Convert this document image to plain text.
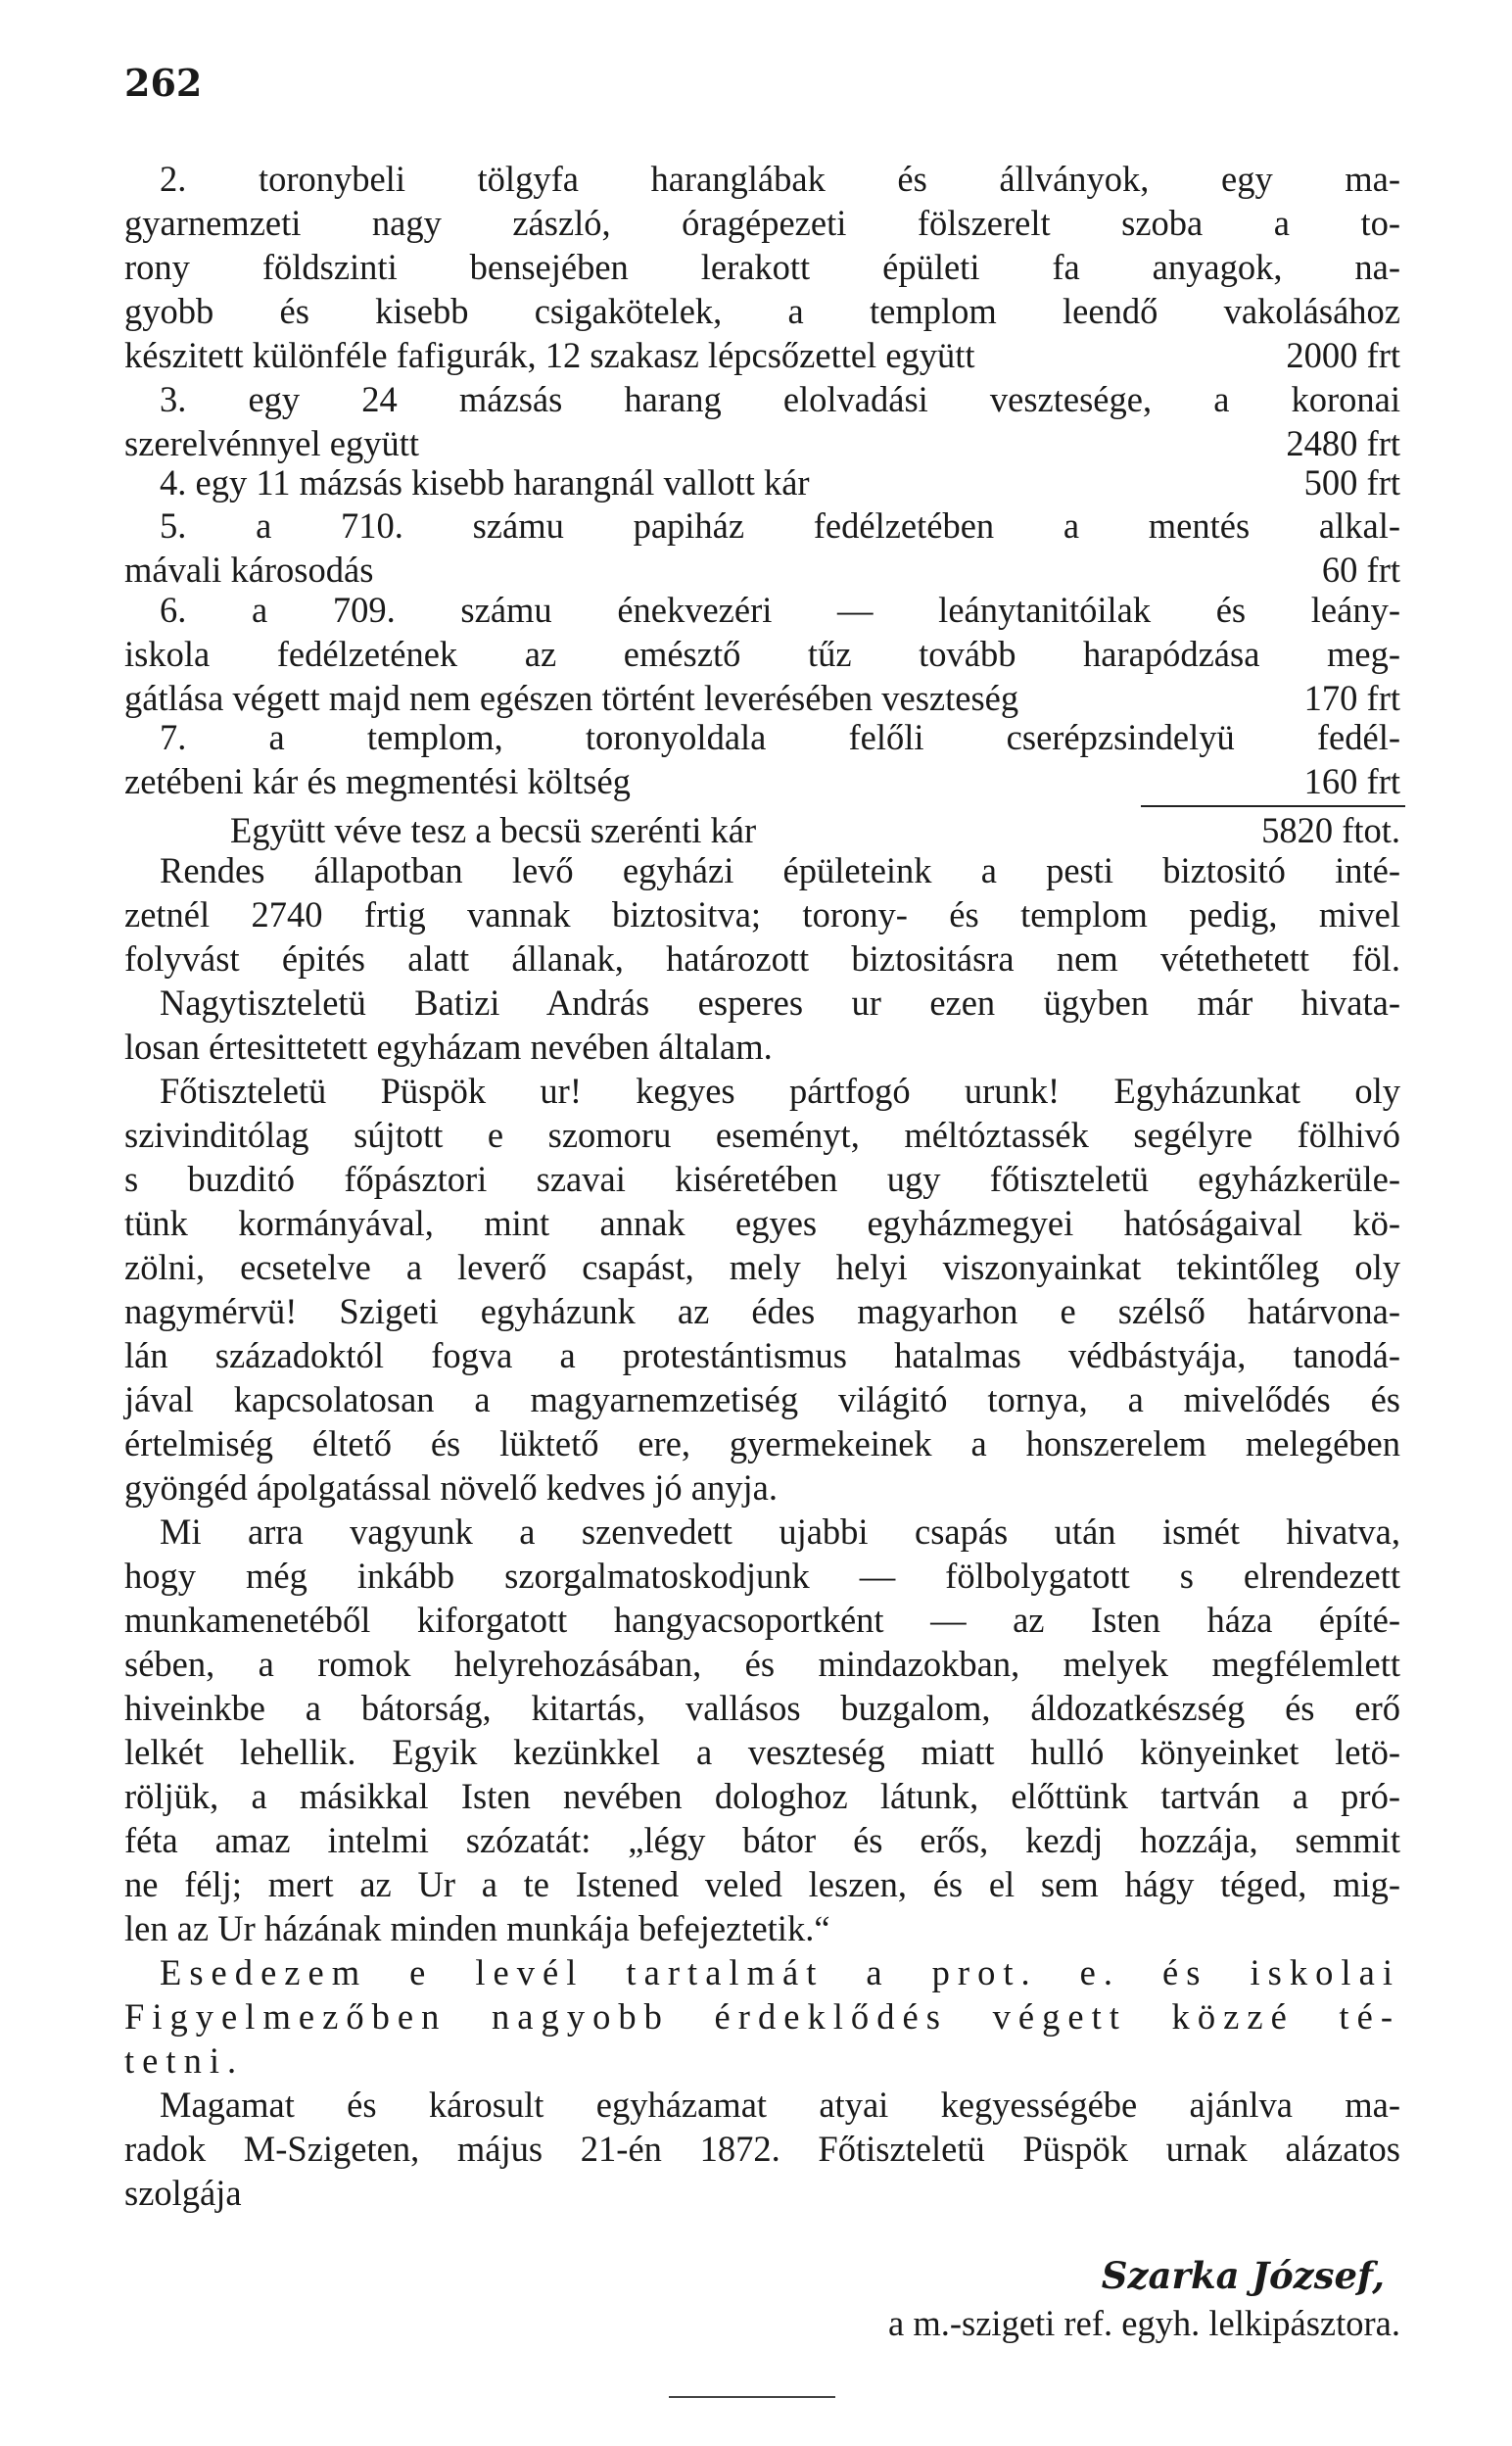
262
2. toronybeli tölgyfa haranglábak és állványok, egy ma-
gyarnemzeti nagy zászló, óragépezeti fölszerelt szoba a to-
rony földszinti bensejében lerakott épületi fa anyagok, na-
gyobb és kisebb csigakötelek, a templom leendő vakolásához
készitett különféle fafigurák, 12 szakasz lépcsőzettel együtt	2000 frt
3. egy 24 mázsás harang elolvadási vesztesége, a koronai
szerelvénnyel együtt	2480 frt
4. egy 11 mázsás kisebb harangnál vallott kár	500 frt
5. a 710. számu papiház fedélzetében a mentés alkal-
mávali károsodás	60 frt
6. a 709. számu énekvezéri — leánytanitóilak és leány-
iskola fedélzetének az emésztő tűz tovább harapódzása meg-
gátlása végett majd nem egészen történt leverésében veszteség	170 frt
7. a templom, toronyoldala felőli cserépzsindelyü fedél-
zetébeni kár és megmentési költség	160 frt
Együtt véve tesz a becsü szerénti kár	5820 ftot.
Rendes állapotban levő egyházi épületeink a pesti biztositó inté-
zetnél 2740 frtig vannak biztositva; torony- és templom pedig, mivel
folyvást épités alatt állanak, határozott biztositásra nem vétethetett föl.
Nagytiszteletü Batizi András esperes ur ezen ügyben már hivata-
losan értesittetett egyházam nevében általam.
Főtiszteletü Püspök ur! kegyes pártfogó urunk! Egyházunkat oly
szivinditólag sújtott e szomoru eseményt, méltóztassék segélyre fölhivó
s buzditó főpásztori szavai kiséretében ugy főtiszteletü egyházkerüle-
tünk kormányával, mint annak egyes egyházmegyei hatóságaival kö-
zölni, ecsetelve a leverő csapást, mely helyi viszonyainkat tekintőleg oly
nagymérvü! Szigeti egyházunk az édes magyarhon e szélső határvona-
lán századoktól fogva a protestántismus hatalmas védbástyája, tanodá-
jával kapcsolatosan a magyarnemzetiség világitó tornya, a mivelődés és
értelmiség éltető és lüktető ere, gyermekeinek a honszerelem melegében
gyöngéd ápolgatással növelő kedves jó anyja.
Mi arra vagyunk a szenvedett ujabbi csapás után ismét hivatva,
hogy még inkább szorgalmatoskodjunk — fölbolygatott s elrendezett
munkamenetéből kiforgatott hangyacsoportként — az Isten háza építé-
sében, a romok helyrehozásában, és mindazokban, melyek megfélemlett
hiveinkbe a bátorság, kitartás, vallásos buzgalom, áldozatkészség és erő
lelkét lehellik. Egyik kezünkkel a veszteség miatt hulló könyeinket letö-
röljük, a másikkal Isten nevében dologhoz látunk, előttünk tartván a pró-
féta amaz intelmi szózatát: „légy bátor és erős, kezdj hozzája, semmit
ne félj; mert az Ur a te Istened veled leszen, és el sem hágy téged, mig-
len az Ur házának minden munkája befejeztetik.“
Esedezem e levél tartalmát a prot. e. és iskolai
Figyelmezőben nagyobb érdeklődés végett közzé té-
tetni.
Magamat és károsult egyházamat atyai kegyességébe ajánlva ma-
radok M-Szigeten, május 21-én 1872. Főtiszteletü Püspök urnak alázatos
szolgája
Szarka József,
a m.-szigeti ref. egyh. lelkipásztora.
